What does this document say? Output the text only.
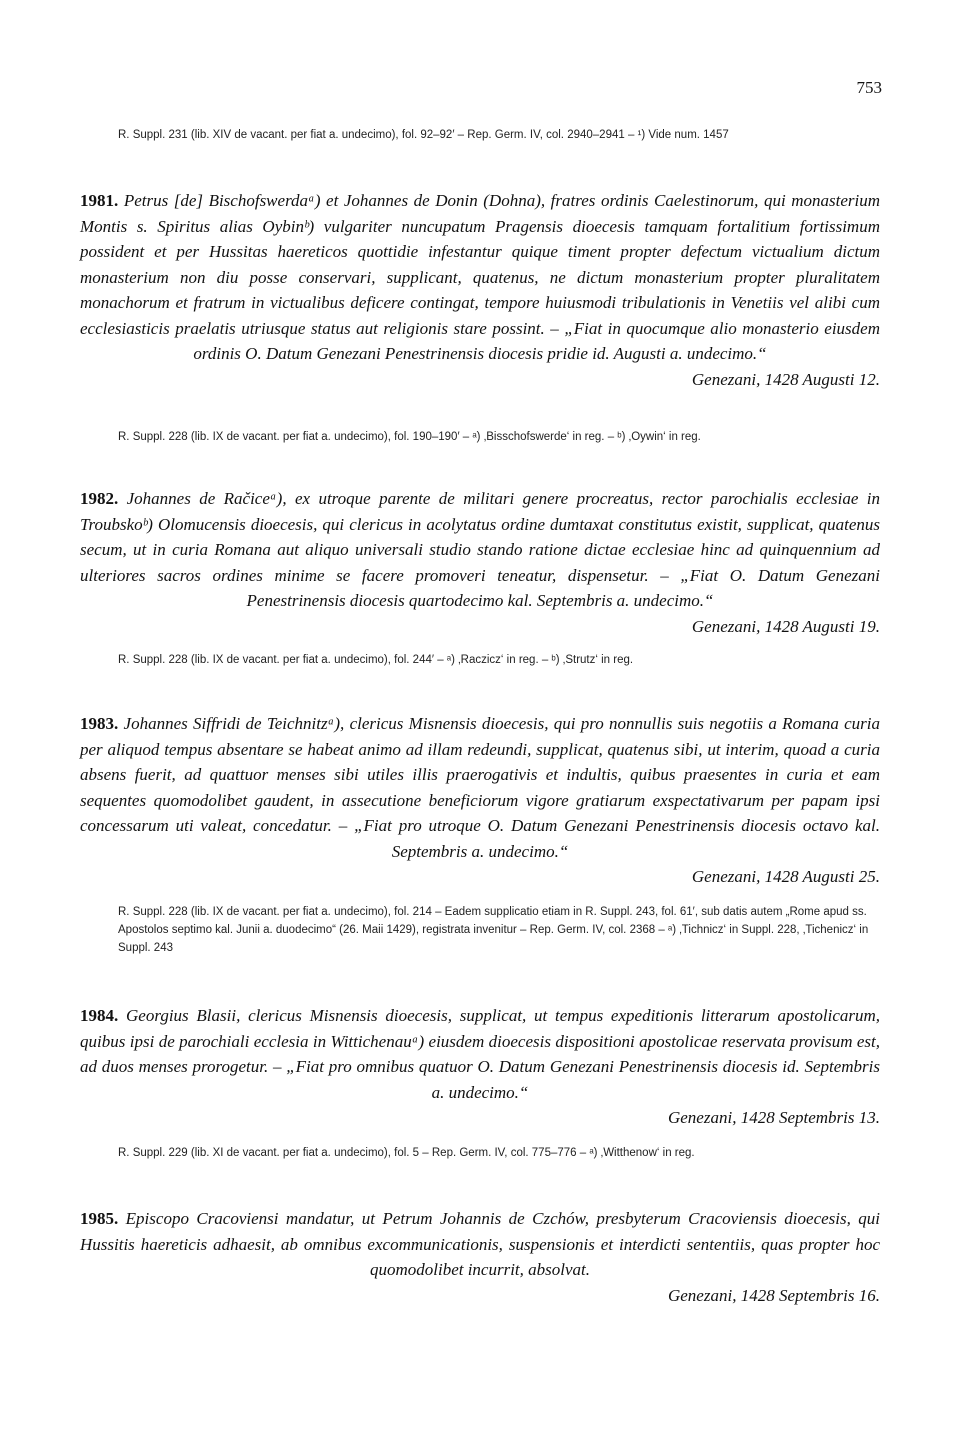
753
R. Suppl. 231 (lib. XIV de vacant. per fiat a. undecimo), fol. 92–92′ – Rep. Germ. IV, col. 2940–2941 – ¹) Vide num. 1457

1981. Petrus [de] Bischofswerdaᵃ) et Johannes de Donin (Dohna), fratres ordinis Caelestinorum, qui monasterium Montis s. Spiritus alias Oybinᵇ) vulgariter nuncupatum Pragensis dioecesis tamquam fortalitium fortissimum possident et per Hussitas haereticos quottidie infestantur quique timent propter defectum victualium dictum monasterium non diu posse conservari, supplicant, quatenus, ne dictum monasterium propter pluralitatem monachorum et fratrum in victualibus deficere contingat, tempore huiusmodi tribulationis in Venetiis vel alibi cum ecclesiasticis praelatis utriusque status aut religionis stare possint. – „Fiat in quocumque alio monasterio eiusdem ordinis O. Datum Genezani Penestrinensis diocesis pridie id. Augusti a. undecimo.“

Genezani, 1428 Augusti 12.
R. Suppl. 228 (lib. IX de vacant. per fiat a. undecimo), fol. 190–190′ – ᵃ) ‚Bisschofswerde‘ in reg. – ᵇ) ‚Oywin‘ in reg.

1982. Johannes de Račiceᵃ), ex utroque parente de militari genere procreatus, rector parochialis ecclesiae in Troubskoᵇ) Olomucensis dioecesis, qui clericus in acolytatus ordine dumtaxat constitutus existit, supplicat, quatenus secum, ut in curia Romana aut aliquo universali studio stando ratione dictae ecclesiae hinc ad quinquennium ad ulteriores sacros ordines minime se facere promoveri teneatur, dispensetur. – „Fiat O. Datum Genezani Penestrinensis diocesis quartodecimo kal. Septembris a. undecimo.“

Genezani, 1428 Augusti 19.
R. Suppl. 228 (lib. IX de vacant. per fiat a. undecimo), fol. 244′ – ᵃ) ‚Raczicz‘ in reg. – ᵇ) ‚Strutz‘ in reg.

1983. Johannes Siffridi de Teichnitzᵃ), clericus Misnensis dioecesis, qui pro nonnullis suis negotiis a Romana curia per aliquod tempus absentare se habeat animo ad illam redeundi, supplicat, quatenus sibi, ut interim, quoad a curia absens fuerit, ad quattuor menses sibi utiles illis praerogativis et indultis, quibus praesentes in curia et eam sequentes quomodolibet gaudent, in assecutione beneficiorum vigore gratiarum exspectativarum per papam ipsi concessarum uti valeat, concedatur. – „Fiat pro utroque O. Datum Genezani Penestrinensis diocesis octavo kal. Septembris a. undecimo.“

Genezani, 1428 Augusti 25.
R. Suppl. 228 (lib. IX de vacant. per fiat a. undecimo), fol. 214 – Eadem supplicatio etiam in R. Suppl. 243, fol. 61′, sub datis autem „Rome apud ss. Apostolos septimo kal. Junii a. duodecimo“ (26. Maii 1429), registrata invenitur – Rep. Germ. IV, col. 2368 – ᵃ) ‚Tichnicz‘ in Suppl. 228, ‚Tichenicz‘ in Suppl. 243

1984. Georgius Blasii, clericus Misnensis dioecesis, supplicat, ut tempus expeditionis litterarum apostolicarum, quibus ipsi de parochiali ecclesia in Wittichenauᵃ) eiusdem dioecesis dispositioni apostolicae reservata provisum est, ad duos menses prorogetur. – „Fiat pro omnibus quatuor O. Datum Genezani Penestrinensis diocesis id. Septembris a. undecimo.“

Genezani, 1428 Septembris 13.
R. Suppl. 229 (lib. XI de vacant. per fiat a. undecimo), fol. 5 – Rep. Germ. IV, col. 775–776 – ᵃ) ‚Witthenow‘ in reg.

1985. Episcopo Cracoviensi mandatur, ut Petrum Johannis de Czchów, presbyterum Cracoviensis dioecesis, qui Hussitis haereticis adhaesit, ab omnibus excommunicationis, suspensionis et interdicti sententiis, quas propter hoc quomodolibet incurrit, absolvat.

Genezani, 1428 Septembris 16.
